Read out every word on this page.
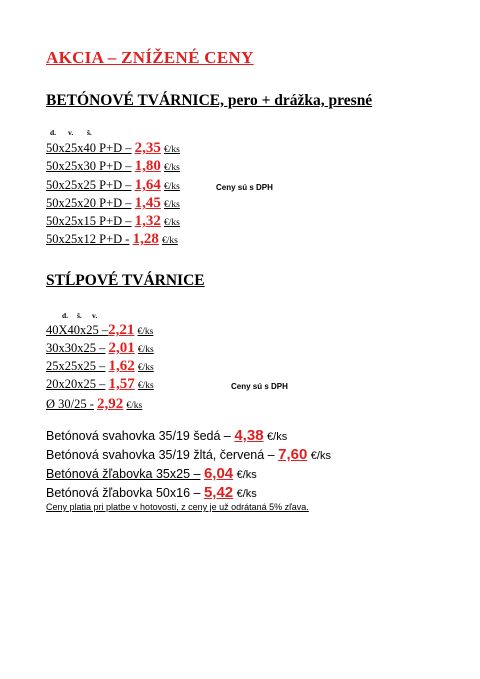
AKCIA – ZNÍŽENÉ CENY
BETÓNOVÉ TVÁRNICE, pero + drážka, presné
d. v. š.
50x25x40 P+D – 2,35 €/ks
50x25x30 P+D – 1,80 €/ks
50x25x25 P+D – 1,64 €/ks	Ceny sú s DPH
50x25x20 P+D – 1,45 €/ks
50x25x15 P+D – 1,32 €/ks
50x25x12 P+D - 1,28 €/ks
STĹPOVÉ TVÁRNICE
d. š. v.
40X40x25 –2,21 €/ks
30x30x25 – 2,01 €/ks
25x25x25 – 1,62 €/ks
20x20x25 – 1,57 €/ks	Ceny sú s DPH
Ø 30/25 - 2,92 €/ks
Betónová svahovka 35/19 šedá – 4,38 €/ks
Betónová svahovka 35/19 žltá, červená – 7,60 €/ks
Betónová žľabovka 35x25 – 6,04 €/ks
Betónová žľabovka 50x16 – 5,42 €/ks
Ceny platia pri platbe v hotovosti, z ceny je už odrátaná 5% zľava.
